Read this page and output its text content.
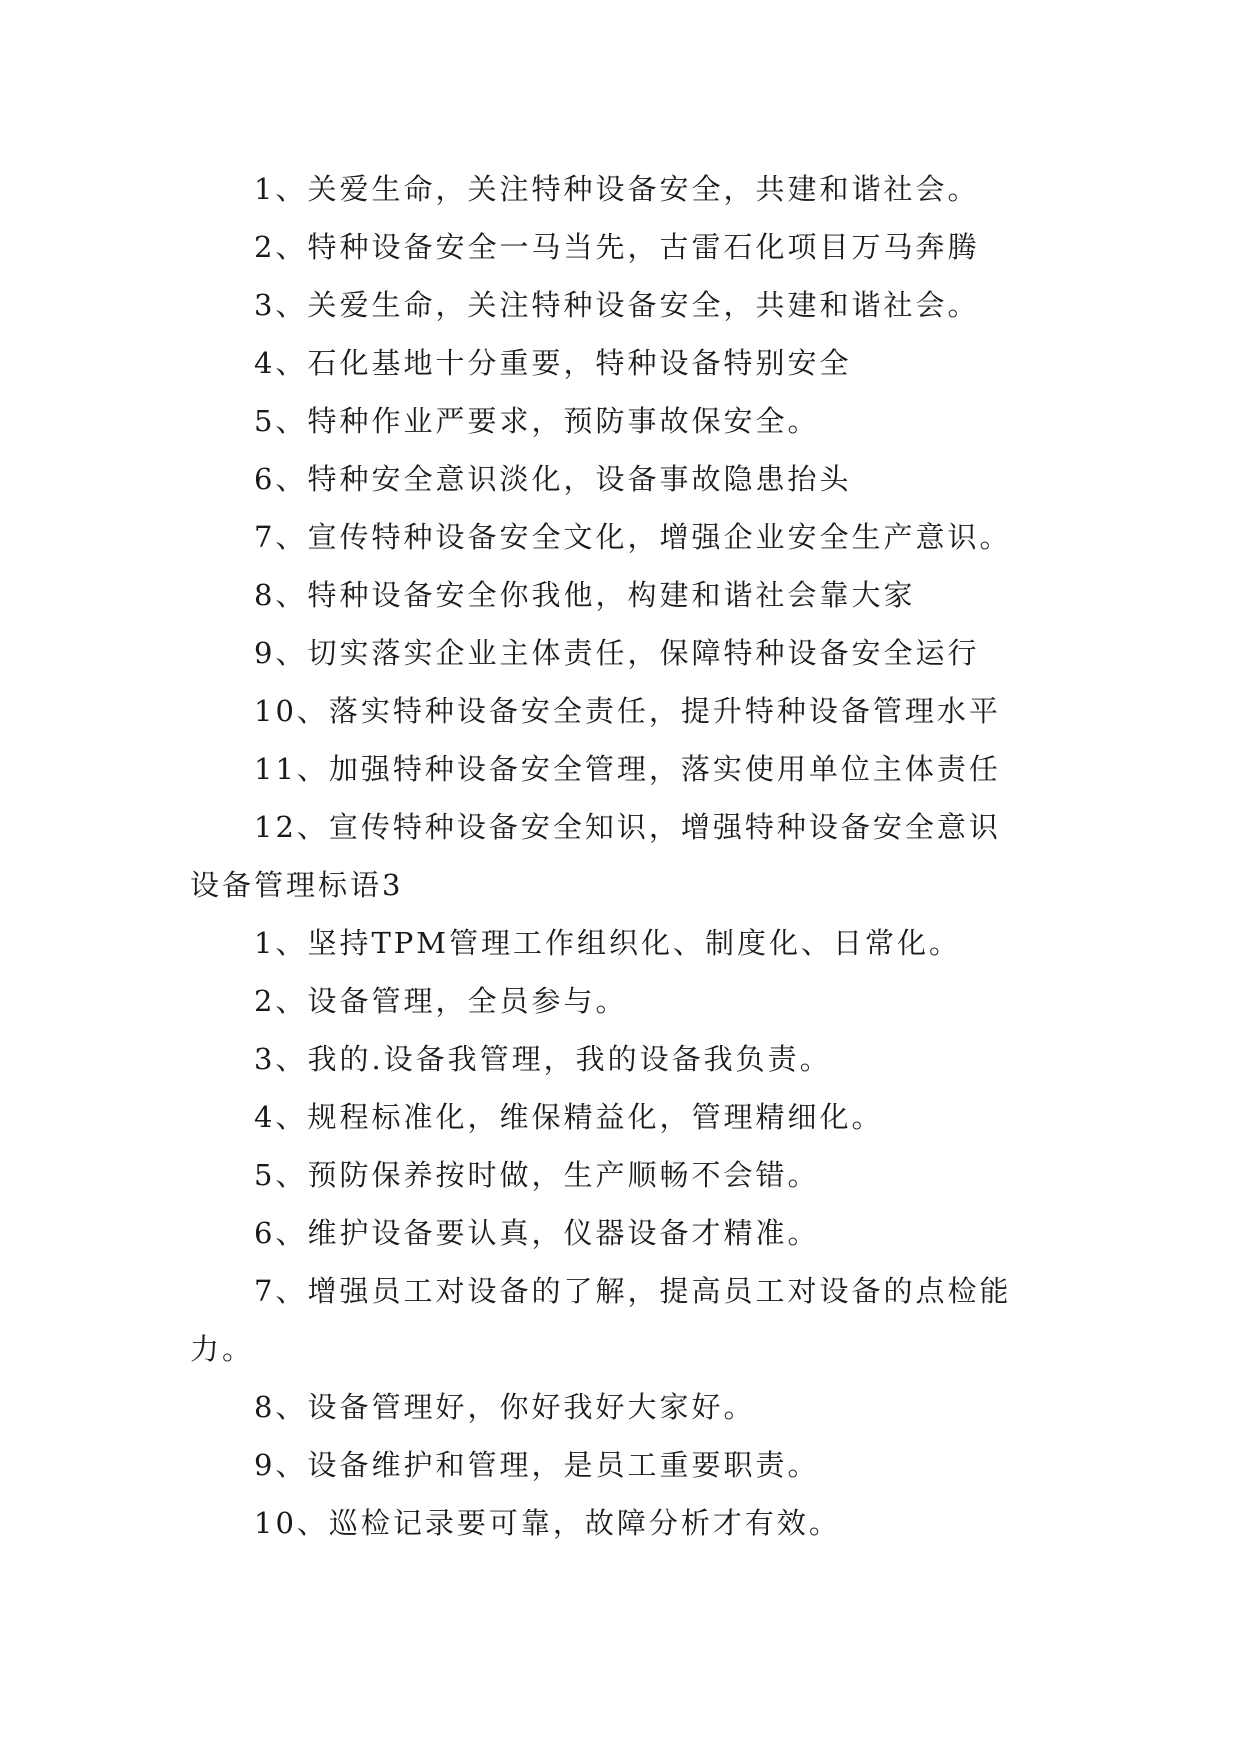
1、关爱生命，关注特种设备安全，共建和谐社会。
2、特种设备安全一马当先，古雷石化项目万马奔腾
3、关爱生命，关注特种设备安全，共建和谐社会。
4、石化基地十分重要，特种设备特别安全
5、特种作业严要求，预防事故保安全。
6、特种安全意识淡化，设备事故隐患抬头
7、宣传特种设备安全文化，增强企业安全生产意识。
8、特种设备安全你我他，构建和谐社会靠大家
9、切实落实企业主体责任，保障特种设备安全运行
10、落实特种设备安全责任，提升特种设备管理水平
11、加强特种设备安全管理，落实使用单位主体责任
12、宣传特种设备安全知识，增强特种设备安全意识
设备管理标语3
1、坚持TPM管理工作组织化、制度化、日常化。
2、设备管理，全员参与。
3、我的.设备我管理，我的设备我负责。
4、规程标准化，维保精益化，管理精细化。
5、预防保养按时做，生产顺畅不会错。
6、维护设备要认真，仪器设备才精准。
7、增强员工对设备的了解，提高员工对设备的点检能力。
8、设备管理好，你好我好大家好。
9、设备维护和管理，是员工重要职责。
10、巡检记录要可靠，故障分析才有效。
